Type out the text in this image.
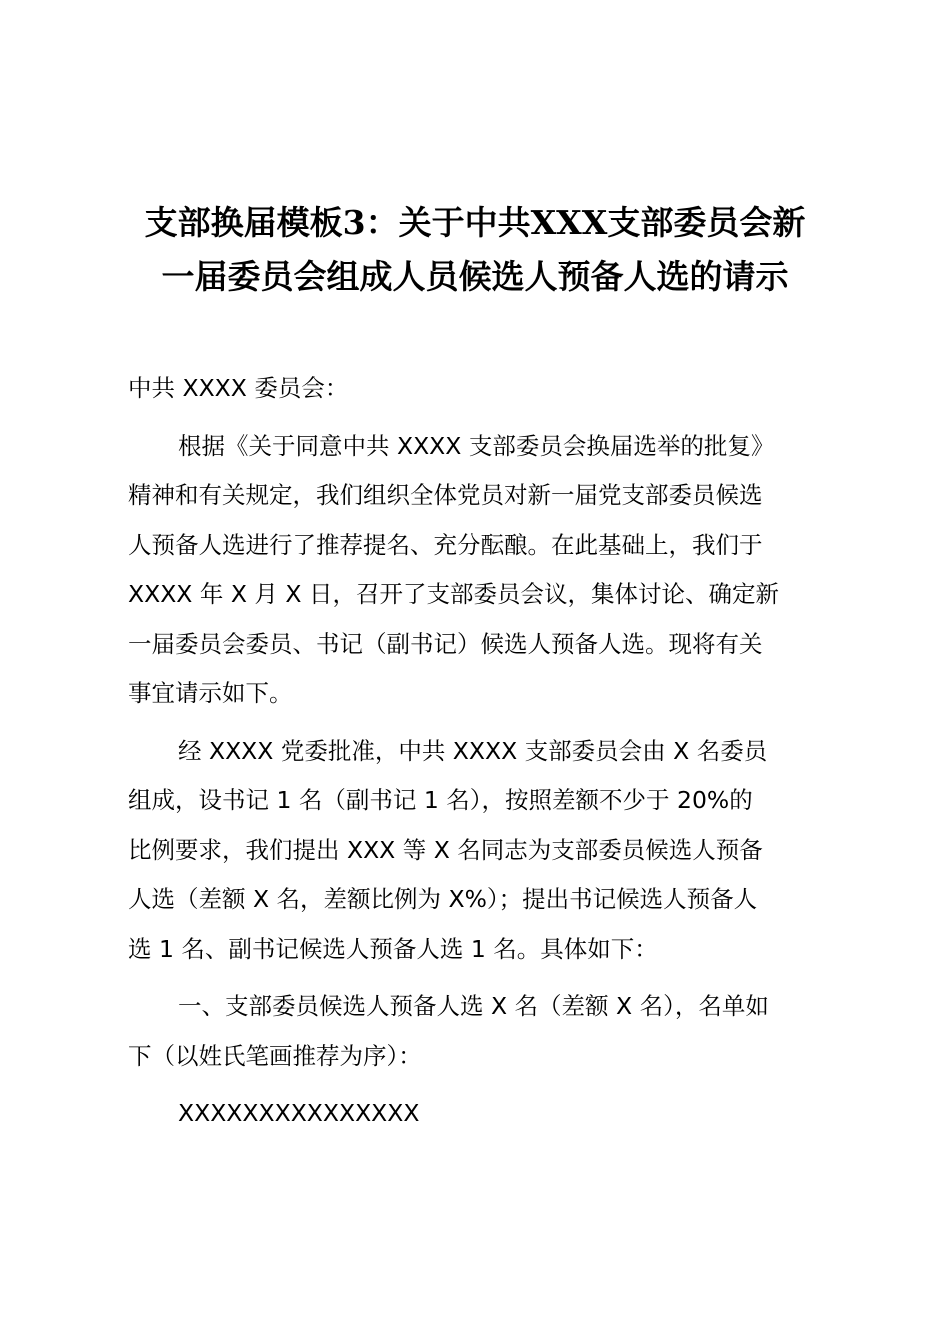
支部换届模板3：关于中共XXX支部委员会新
一届委员会组成人员候选人预备人选的请示
中共 XXXX 委员会：
根据《关于同意中共 XXXX 支部委员会换届选举的批复》
精神和有关规定，我们组织全体党员对新一届党支部委员候选
人预备人选进行了推荐提名、充分酝酿。在此基础上，我们于
XXXX 年 X 月 X 日，召开了支部委员会议，集体讨论、确定新
一届委员会委员、书记（副书记）候选人预备人选。现将有关
事宜请示如下。
经 XXXX 党委批准，中共 XXXX 支部委员会由 X 名委员
组成，设书记 1 名（副书记 1 名），按照差额不少于 20%的
比例要求，我们提出 XXX 等 X 名同志为支部委员候选人预备
人选（差额 X 名，差额比例为 X%）；提出书记候选人预备人
选 1 名、副书记候选人预备人选 1 名。具体如下：
一、支部委员候选人预备人选 X 名（差额 X 名），名单如
下（以姓氏笔画推荐为序）：
XXXXXXXXXXXXXXX
